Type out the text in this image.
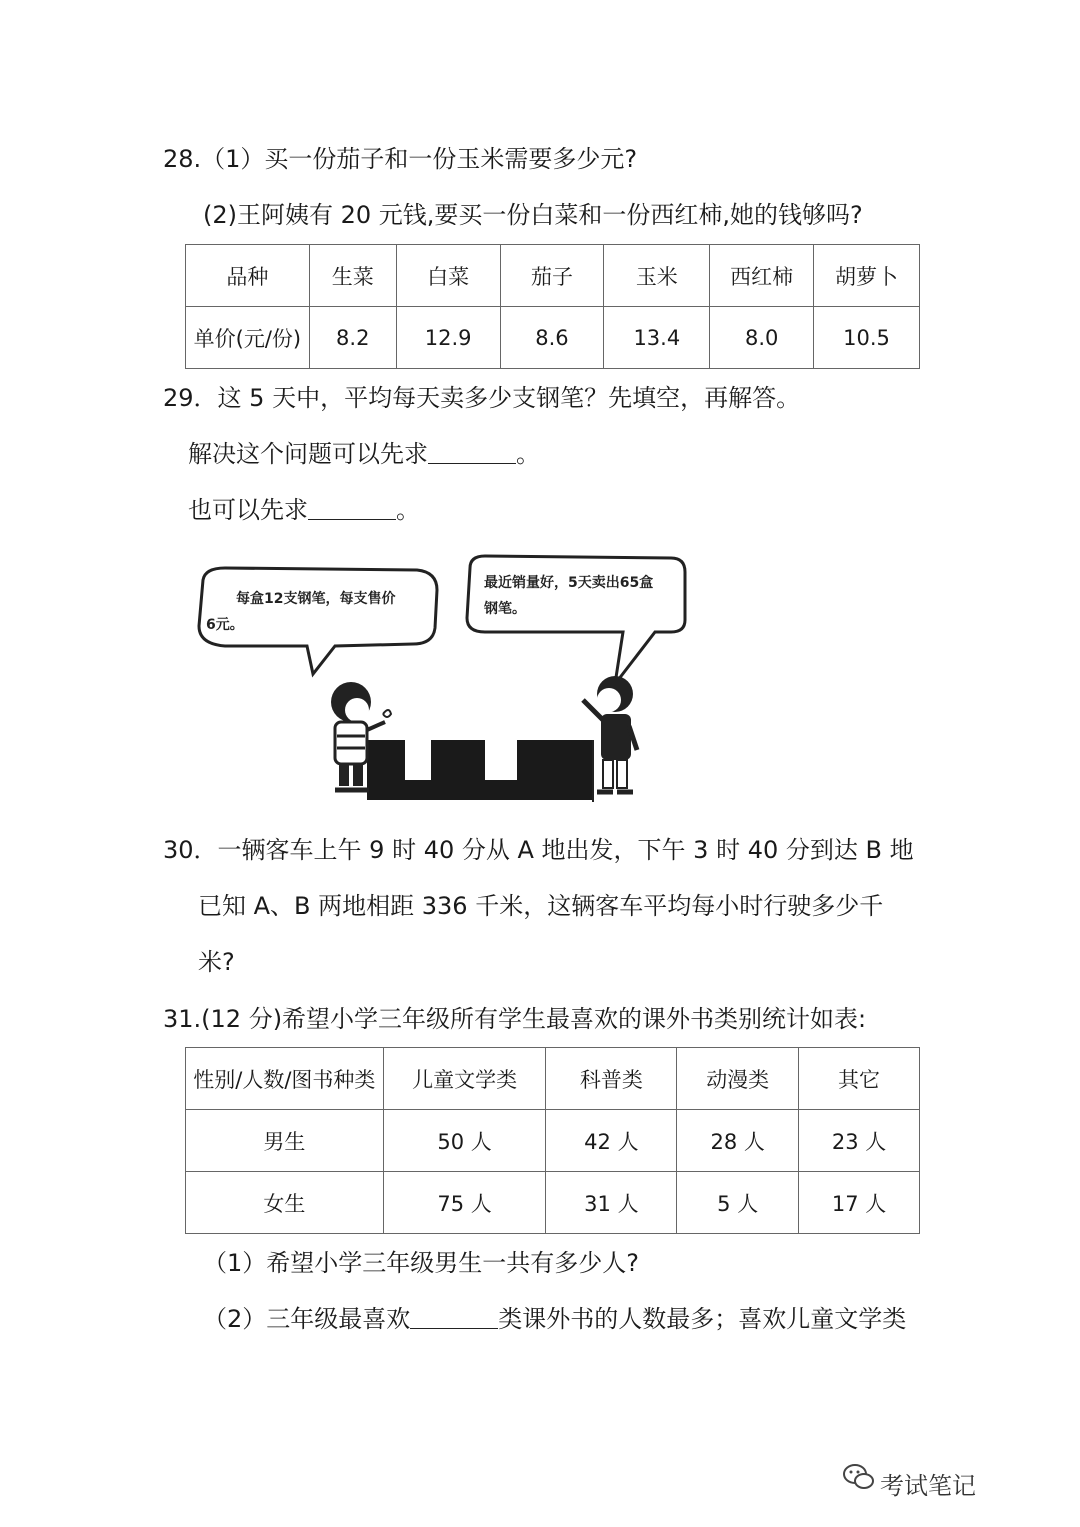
28.（1）买一份茄子和一份玉米需要多少元?
(2)王阿姨有 20 元钱,要买一份白菜和一份西红柿,她的钱够吗?
品种	生菜	白菜	茄子	玉米	西红柿	胡萝卜
单价(元/份)	8.2	12.9	8.6	13.4	8.0	10.5
29．这 5 天中，平均每天卖多少支钢笔？先填空，再解答。
解决这个问题可以先求	。
也可以先求	。
每盒12支钢笔，每支售价
6元。
最近销量好，5天卖出65盒
钢笔。
30．一辆客车上午 9 时 40 分从 A 地出发，下午 3 时 40 分到达 B 地
已知 A、B 两地相距 336 千米，这辆客车平均每小时行驶多少千
米?
31.(12 分)希望小学三年级所有学生最喜欢的课外书类别统计如表:
性别/人数/图书种类	儿童文学类	科普类	动漫类	其它
男生	50 人	42 人	28 人	23 人
女生	75 人	31 人	5 人	17 人
（1）希望小学三年级男生一共有多少人?
（2）三年级最喜欢	类课外书的人数最多；喜欢儿童文学类
考试笔记
